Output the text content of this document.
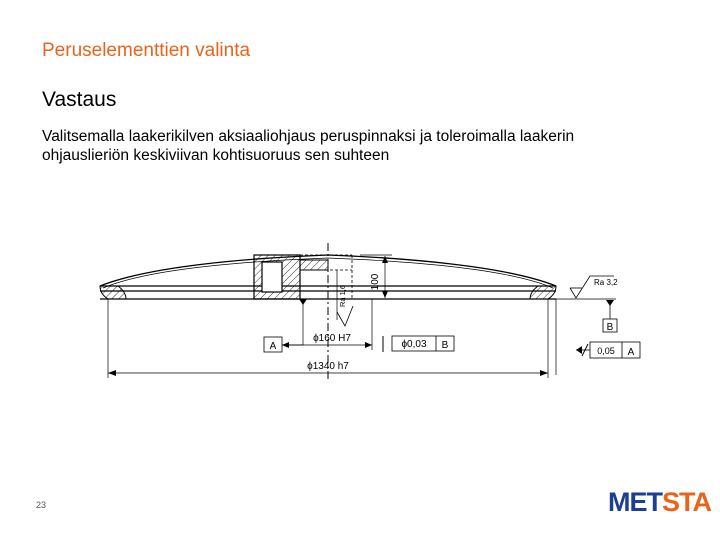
Peruselementtien valinta
Vastaus
Valitsemalla laakerikilven aksiaaliohjaus peruspinnaksi ja toleroimalla laakerin ohjauslieriön keskiviivan kohtisuoruus sen suhteen
100
Ra 1,6
Ra 3,2
B
0,05 A
A
ϕ160 H7
ϕ0,03 B
ϕ1340 h7
23	METSTA
